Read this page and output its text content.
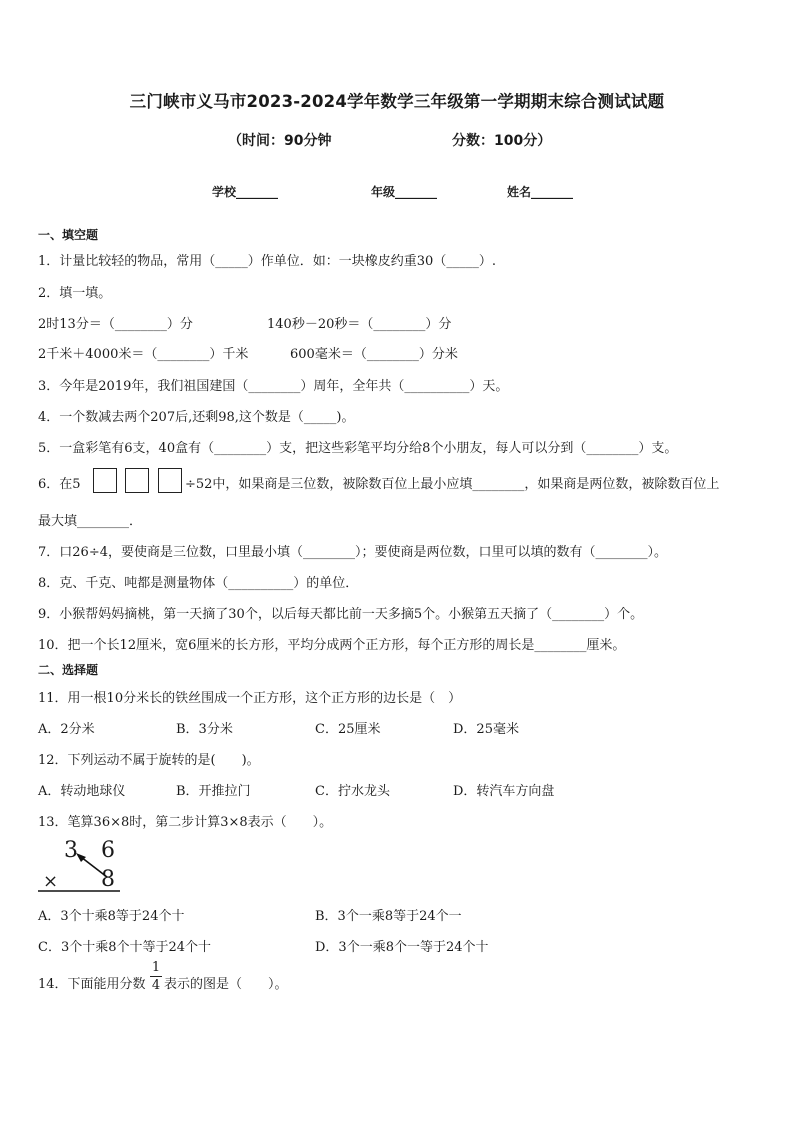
三门峡市义马市2023-2024学年数学三年级第一学期期末综合测试试题
（时间：90分钟	分数：100分）
学校_______	年级_______	姓名_______
一、填空题
1．计量比较轻的物品，常用（_____）作单位．如：一块橡皮约重30（_____）.
2．填一填。
2时13分＝（________）分	140秒－20秒＝（________）分
2千米＋4000米＝（________）千米	600毫米＝（________）分米
3．今年是2019年，我们祖国建国（________）周年，全年共（__________）天。
4．一个数减去两个207后,还剩98,这个数是（_____)。
5．一盒彩笔有6支，40盒有（________）支，把这些彩笔平均分给8个小朋友，每人可以分到（________）支。
6．在5	÷52中，如果商是三位数，被除数百位上最小应填________，如果商是两位数，被除数百位上
最大填________．
7．口26÷4，要使商是三位数，口里最小填（________）；要使商是两位数，口里可以填的数有（________）。
8．克、千克、吨都是测量物体（__________）的单位．
9．小猴帮妈妈摘桃，第一天摘了30个，以后每天都比前一天多摘5个。小猴第五天摘了（________）个。
10．把一个长12厘米，宽6厘米的长方形，平均分成两个正方形，每个正方形的周长是________厘米。
二、选择题
11．用一根10分米长的铁丝围成一个正方形，这个正方形的边长是（　）
A．2分米	B．3分米	C．25厘米	D．25毫米
12．下列运动不属于旋转的是(　　)。
A．转动地球仪	B．开推拉门	C．拧水龙头	D．转汽车方向盘
13．笔算36×8时，第二步计算3×8表示（　　）。
3 6
× 8
A．3个十乘8等于24个十	B．3个一乘8等于24个一
C．3个十乘8个十等于24个十	D．3个一乘8个一等于24个十
14．下面能用分数
1
4 表示的图是（　　）。
